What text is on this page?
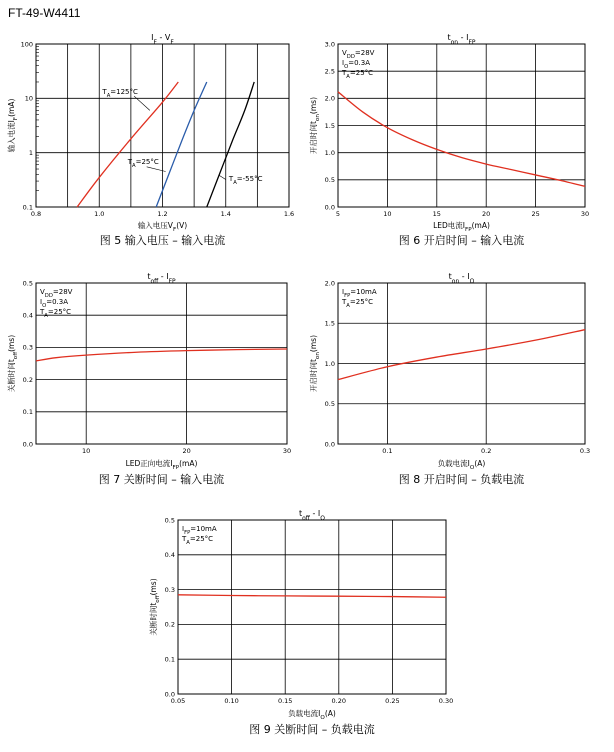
FT-49-W4411
0.8	1.0	1.2	1.4	1.6
0.1
1
10
100
$I_F - V_F$
输入电压$V_F(V)$
输入电流$I_F(mA)$
图 5 输入电压 – 输入电流
$T_A=125^\circ C$
$T_A=25^\circ C$
$T_A=-55^\circ C$
5	10	15	20	25	30
0.0
0.5
1.0
1.5
2.0
2.5
3.0
$t_{on} - I_{FP}$
LED电流$I_{FP}(mA)$
开启时间$t_{on}(ms)$
图 6 开启时间 – 输入电流
$V_{DD}=28V$
$I_O=0.3A$
$T_A=25^\circ C$
10	20	30
0.0
0.1
0.2
0.3
0.4
0.5
$t_{off} - I_{FP}$
LED正向电流$I_{FP}(mA)$
关断时间$t_{off}(ms)$
图 7 关断时间 – 输入电流
$V_{DD}=28V$
$I_O=0.3A$
$T_A=25^\circ C$
0.1	0.2	0.3
0.0
0.5
1.0
1.5
2.0
$t_{on} - I_O$
负载电流$I_O(A)$
开启时间$t_{on}(ms)$
图 8 开启时间 – 负载电流
$I_{FP}=10mA$
$T_A=25^\circ C$
0.05	0.10	0.15	0.20	0.25	0.30
0.0
0.1
0.2
0.3
0.4
0.5
$t_{off} - I_O$
负载电流$I_O(A)$
关断时间$t_{off}(ms)$
图 9 关断时间 – 负载电流
$I_{FP}=10mA$
$T_A=25^\circ C$
